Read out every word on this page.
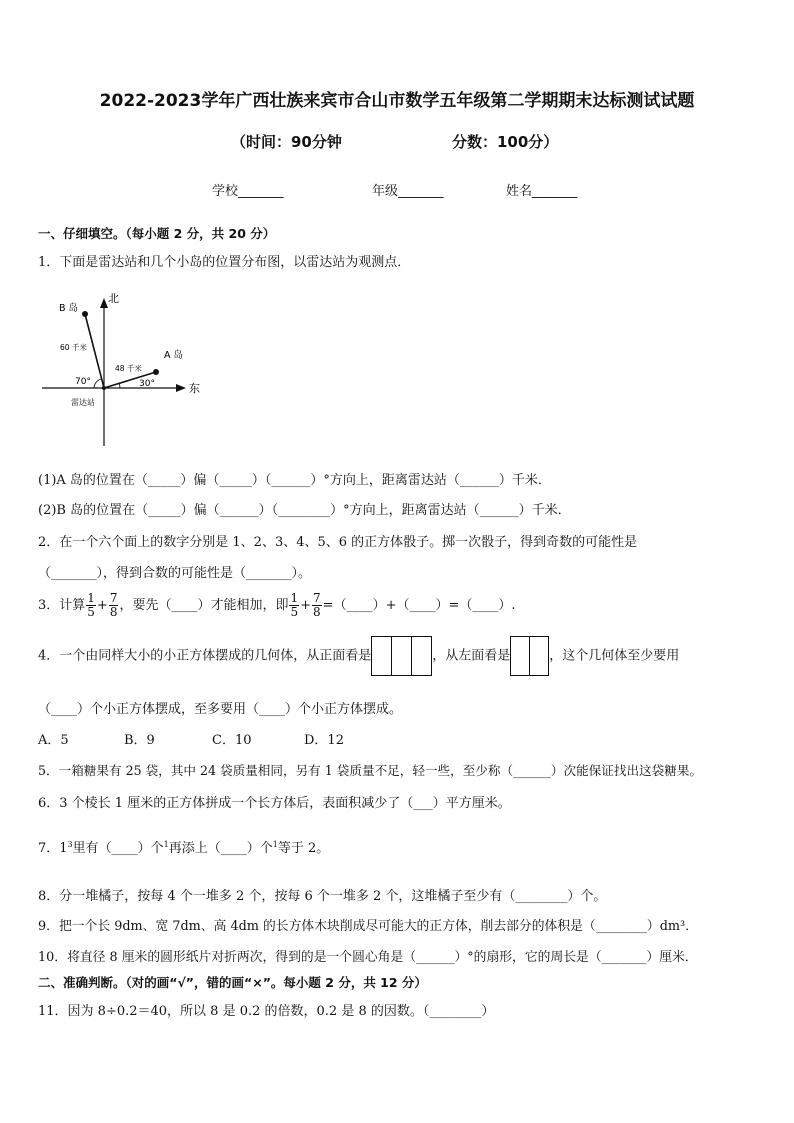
2022-2023学年广西壮族来宾市合山市数学五年级第二学期期末达标测试试题
（时间：90分钟	分数：100分）
学校_______	年级_______	姓名_______
一、仔细填空。（每小题 2 分，共 20 分）
1．下面是雷达站和几个小岛的位置分布图，以雷达站为观测点．
北
东
B 岛
A 岛
60 千米
48 千米
70°	30°
雷达站
(1)A 岛的位置在（_____）偏（_____）（______）°方向上，距离雷达站（______）千米．
(2)B 岛的位置在（_____）偏（______）（________）°方向上，距离雷达站（______）千米．
2．在一个六个面上的数字分别是 1、2、3、4、5、6 的正方体骰子。掷一次骰子，得到奇数的可能性是
（_______），得到合数的可能性是（_______）。
3．计算 $\frac{1}{5} + \frac{7}{8}$ ，要先（____）才能相加，即 $\frac{1}{5} + \frac{7}{8}$ =（____）+（____）=（____）.
4．一个由同样大小的小正方体摆成的几何体，从正面看是	，从左面看是	，这个几何体至少要用
（____）个小正方体摆成，至多要用（____）个小正方体摆成。
A．5	B．9	C．10	D．12
5．一箱糖果有 25 袋，其中 24 袋质量相同，另有 1 袋质量不足，轻一些，至少称（______）次能保证找出这袋糖果。
6．3 个棱长 1 厘米的正方体拼成一个长方体后，表面积减少了（___）平方厘米。
7．13里有（____）个1再添上（____）个1等于 2。
8．分一堆橘子，按每 4 个一堆多 2 个，按每 6 个一堆多 2 个，这堆橘子至少有（________）个。
9．把一个长 9dm、宽 7dm、高 4dm 的长方体木块削成尽可能大的正方体，削去部分的体积是（________）dm³．
10．将直径 8 厘米的圆形纸片对折两次，得到的是一个圆心角是（______）°的扇形，它的周长是（_______）厘米．
二、准确判断。（对的画“√”，错的画“×”。每小题 2 分，共 12 分）
11．因为 8÷0.2＝40，所以 8 是 0.2 的倍数，0.2 是 8 的因数。（________）
